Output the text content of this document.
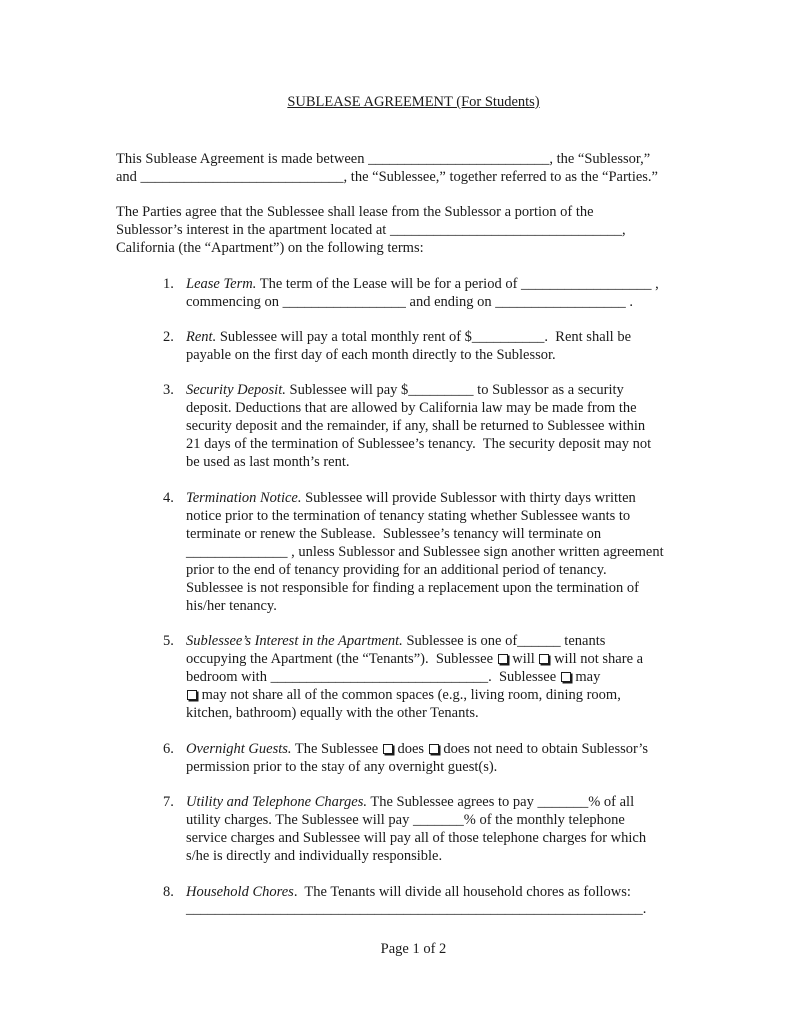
SUBLEASE AGREEMENT (For Students)
This Sublease Agreement is made between _________________________, the “Sublessor,”
and ____________________________, the “Sublessee,” together referred to as the “Parties.”
The Parties agree that the Sublessee shall lease from the Sublessor a portion of the
Sublessor’s interest in the apartment located at ________________________________,
California (the “Apartment”) on the following terms:
1. Lease Term. The term of the Lease will be for a period of __________________ ,
commencing on _________________ and ending on __________________ .
2. Rent. Sublessee will pay a total monthly rent of $__________.  Rent shall be
payable on the first day of each month directly to the Sublessor.
3. Security Deposit. Sublessee will pay $_________ to Sublessor as a security
deposit. Deductions that are allowed by California law may be made from the
security deposit and the remainder, if any, shall be returned to Sublessee within
21 days of the termination of Sublessee’s tenancy.  The security deposit may not
be used as last month’s rent.
4. Termination Notice. Sublessee will provide Sublessor with thirty days written
notice prior to the termination of tenancy stating whether Sublessee wants to
terminate or renew the Sublease.  Sublessee’s tenancy will terminate on
______________ , unless Sublessor and Sublessee sign another written agreement
prior to the end of tenancy providing for an additional period of tenancy.
Sublessee is not responsible for finding a replacement upon the termination of
his/her tenancy.
5. Sublessee’s Interest in the Apartment. Sublessee is one of______ tenants
occupying the Apartment (the “Tenants”).  Sublessee  will  will not share a
bedroom with ______________________________.  Sublessee  may
may not share all of the common spaces (e.g., living room, dining room,
kitchen, bathroom) equally with the other Tenants.
6. Overnight Guests. The Sublessee  does  does not need to obtain Sublessor’s
permission prior to the stay of any overnight guest(s).
7. Utility and Telephone Charges. The Sublessee agrees to pay _______% of all
utility charges. The Sublessee will pay _______% of the monthly telephone
service charges and Sublessee will pay all of those telephone charges for which
s/he is directly and individually responsible.
8. Household Chores.  The Tenants will divide all household chores as follows:
_______________________________________________________________.
Page 1 of 2
